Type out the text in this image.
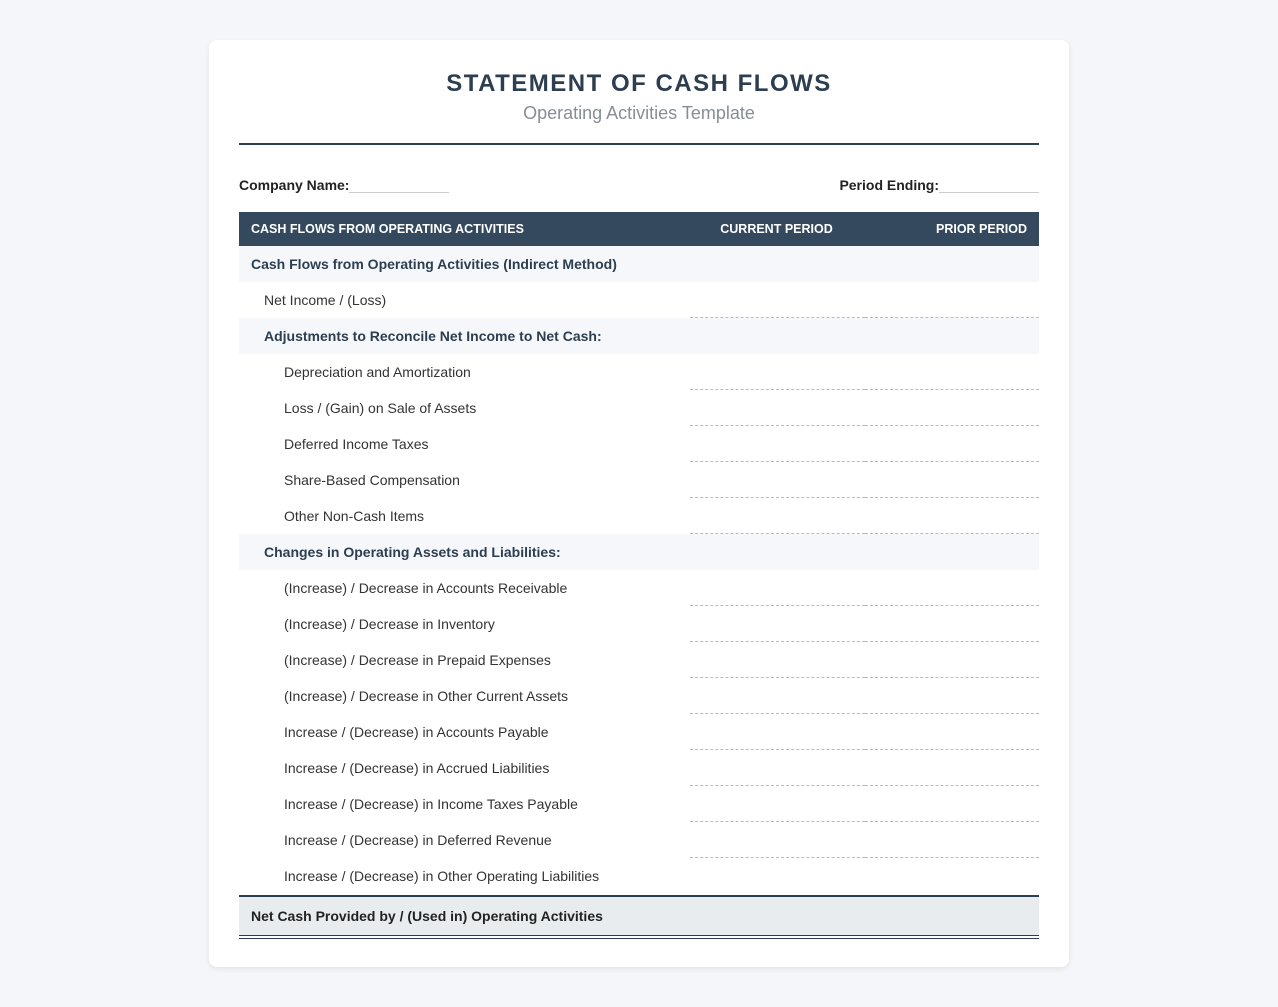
STATEMENT OF CASH FLOWS
Operating Activities Template
Company Name:	Period Ending:
CASH FLOWS FROM OPERATING ACTIVITIES	CURRENT PERIOD	PRIOR PERIOD
Cash Flows from Operating Activities (Indirect Method)
Net Income / (Loss)
Adjustments to Reconcile Net Income to Net Cash:
Depreciation and Amortization
Loss / (Gain) on Sale of Assets
Deferred Income Taxes
Share-Based Compensation
Other Non-Cash Items
Changes in Operating Assets and Liabilities:
(Increase) / Decrease in Accounts Receivable
(Increase) / Decrease in Inventory
(Increase) / Decrease in Prepaid Expenses
(Increase) / Decrease in Other Current Assets
Increase / (Decrease) in Accounts Payable
Increase / (Decrease) in Accrued Liabilities
Increase / (Decrease) in Income Taxes Payable
Increase / (Decrease) in Deferred Revenue
Increase / (Decrease) in Other Operating Liabilities
Net Cash Provided by / (Used in) Operating Activities
